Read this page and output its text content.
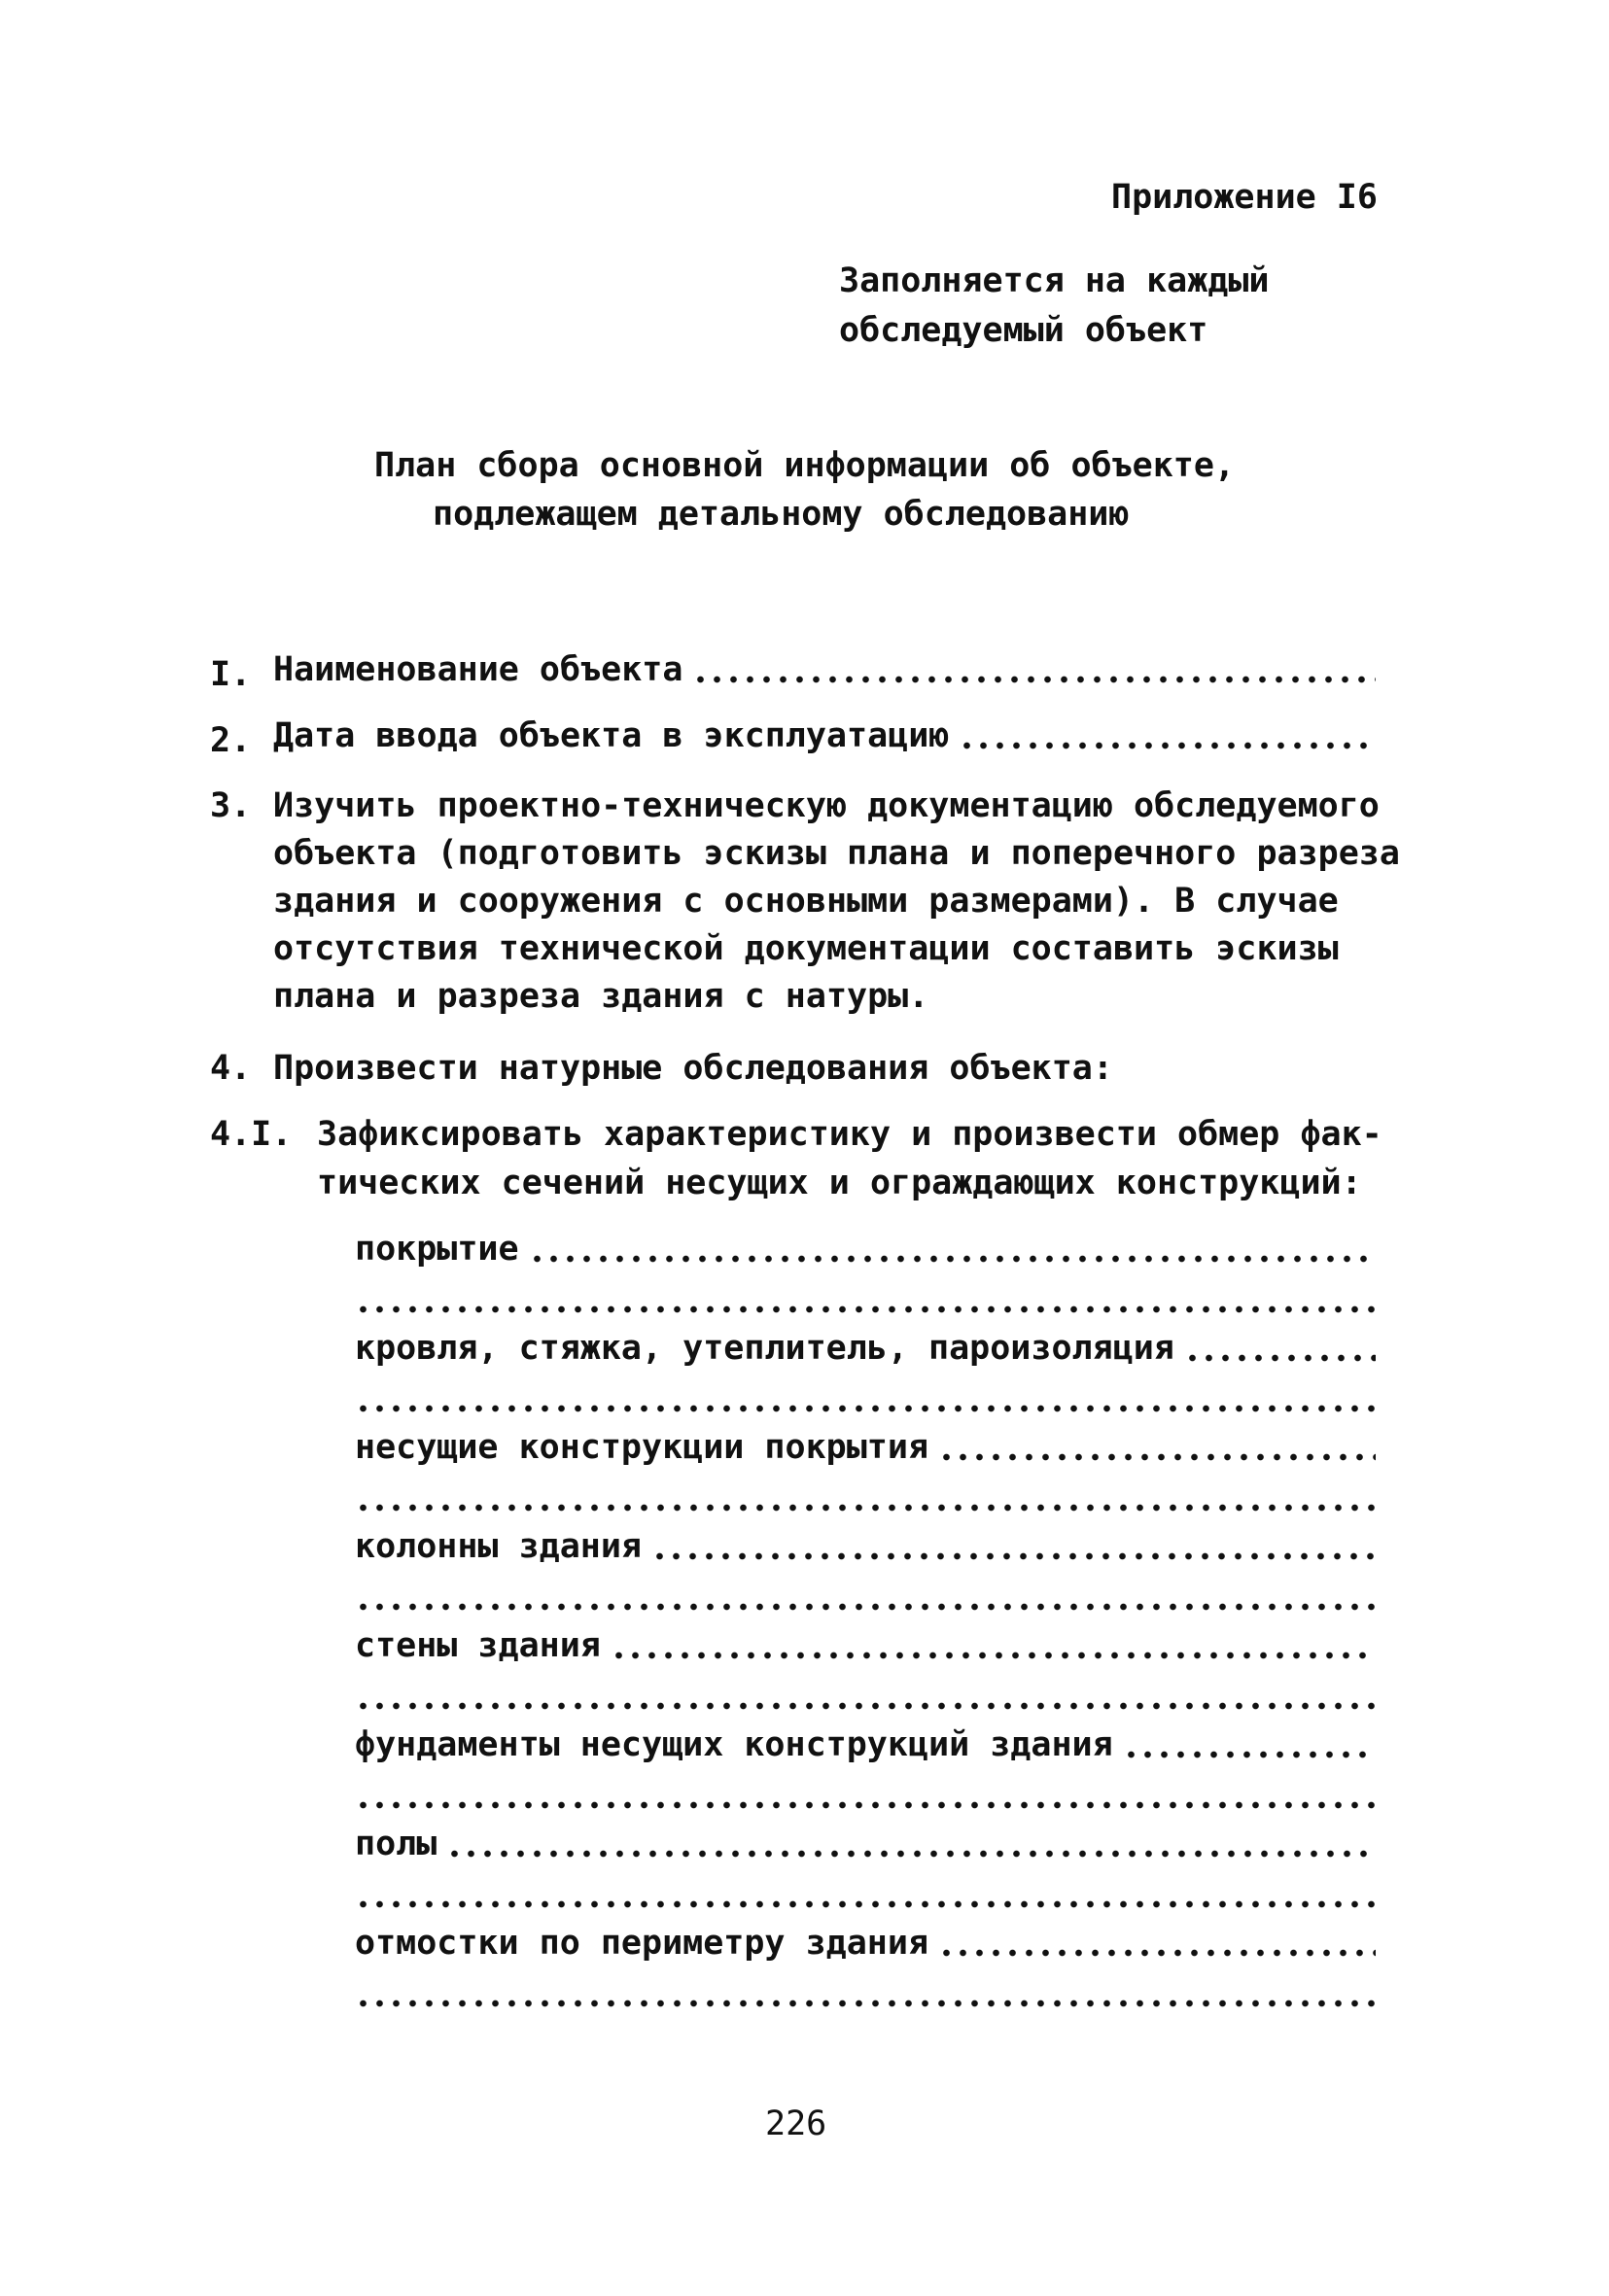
Приложение I6
Заполняется на каждый
обследуемый объект
План сбора основной информации об объекте,
подлежащем детальному обследованию
I. Наименование объекта
2. Дата ввода объекта в эксплуатацию
3. Изучить проектно-техническую документацию обследуемого
объекта (подготовить эскизы плана и поперечного разреза
здания и сооружения с основными размерами). В случае
отсутствия технической документации составить эскизы
плана и разреза здания с натуры.
4. Произвести натурные обследования объекта:
4.I. Зафиксировать характеристику и произвести обмер фак-
тических сечений несущих и ограждающих конструкций:
покрытие
кровля, стяжка, утеплитель, пароизоляция
несущие конструкции покрытия
колонны здания
стены здания
фундаменты несущих конструкций здания
полы
отмостки по периметру здания
226
